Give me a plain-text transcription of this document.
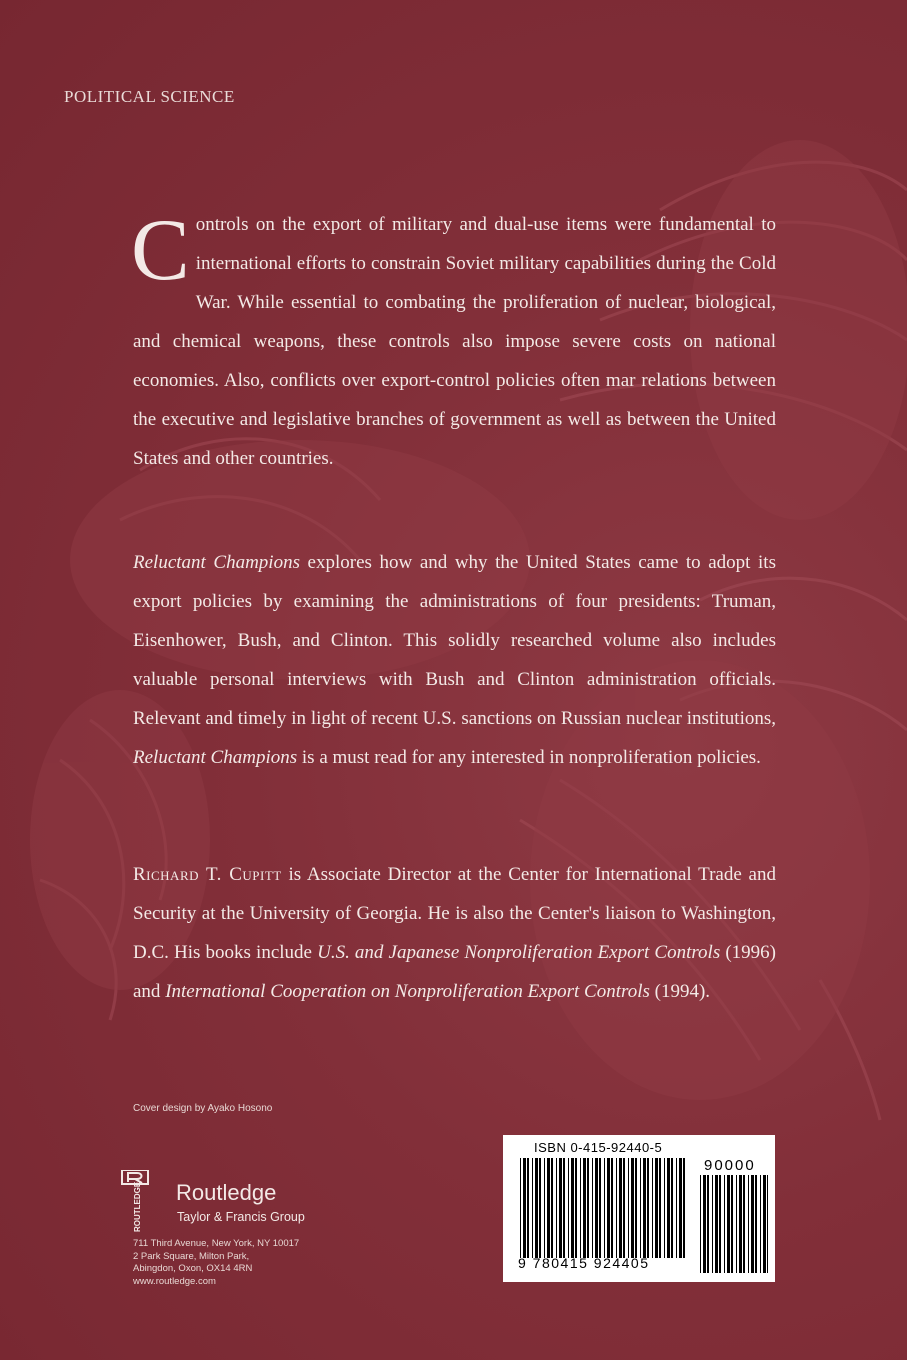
POLITICAL SCIENCE

Controls on the export of military and dual-use items were fundamental to international efforts to constrain Soviet military capabilities during the Cold War. While essential to combating the proliferation of nuclear, biological, and chemical weapons, these controls also impose severe costs on national economies. Also, conflicts over export-control policies often mar relations between the executive and legislative branches of government as well as between the United States and other countries.

Reluctant Champions explores how and why the United States came to adopt its export policies by examining the administrations of four presidents: Truman, Eisenhower, Bush, and Clinton. This solidly researched volume also includes valuable personal interviews with Bush and Clinton administration officials. Relevant and timely in light of recent U.S. sanctions on Russian nuclear institutions, Reluctant Champions is a must read for any interested in nonproliferation policies.

Richard T. Cupitt is Associate Director at the Center for International Trade and Security at the University of Georgia. He is also the Center's liaison to Washington, D.C. His books include U.S. and Japanese Nonproliferation Export Controls (1996) and International Cooperation on Nonproliferation Export Controls (1994).

Cover design by Ayako Hosono
ROUTLEDGE Routledge
Taylor & Francis Group
711 Third Avenue, New York, NY 10017
2 Park Square, Milton Park,
Abingdon, Oxon, OX14 4RN
www.routledge.com
ISBN 0-415-92440-5
90000
9 780415 924405
